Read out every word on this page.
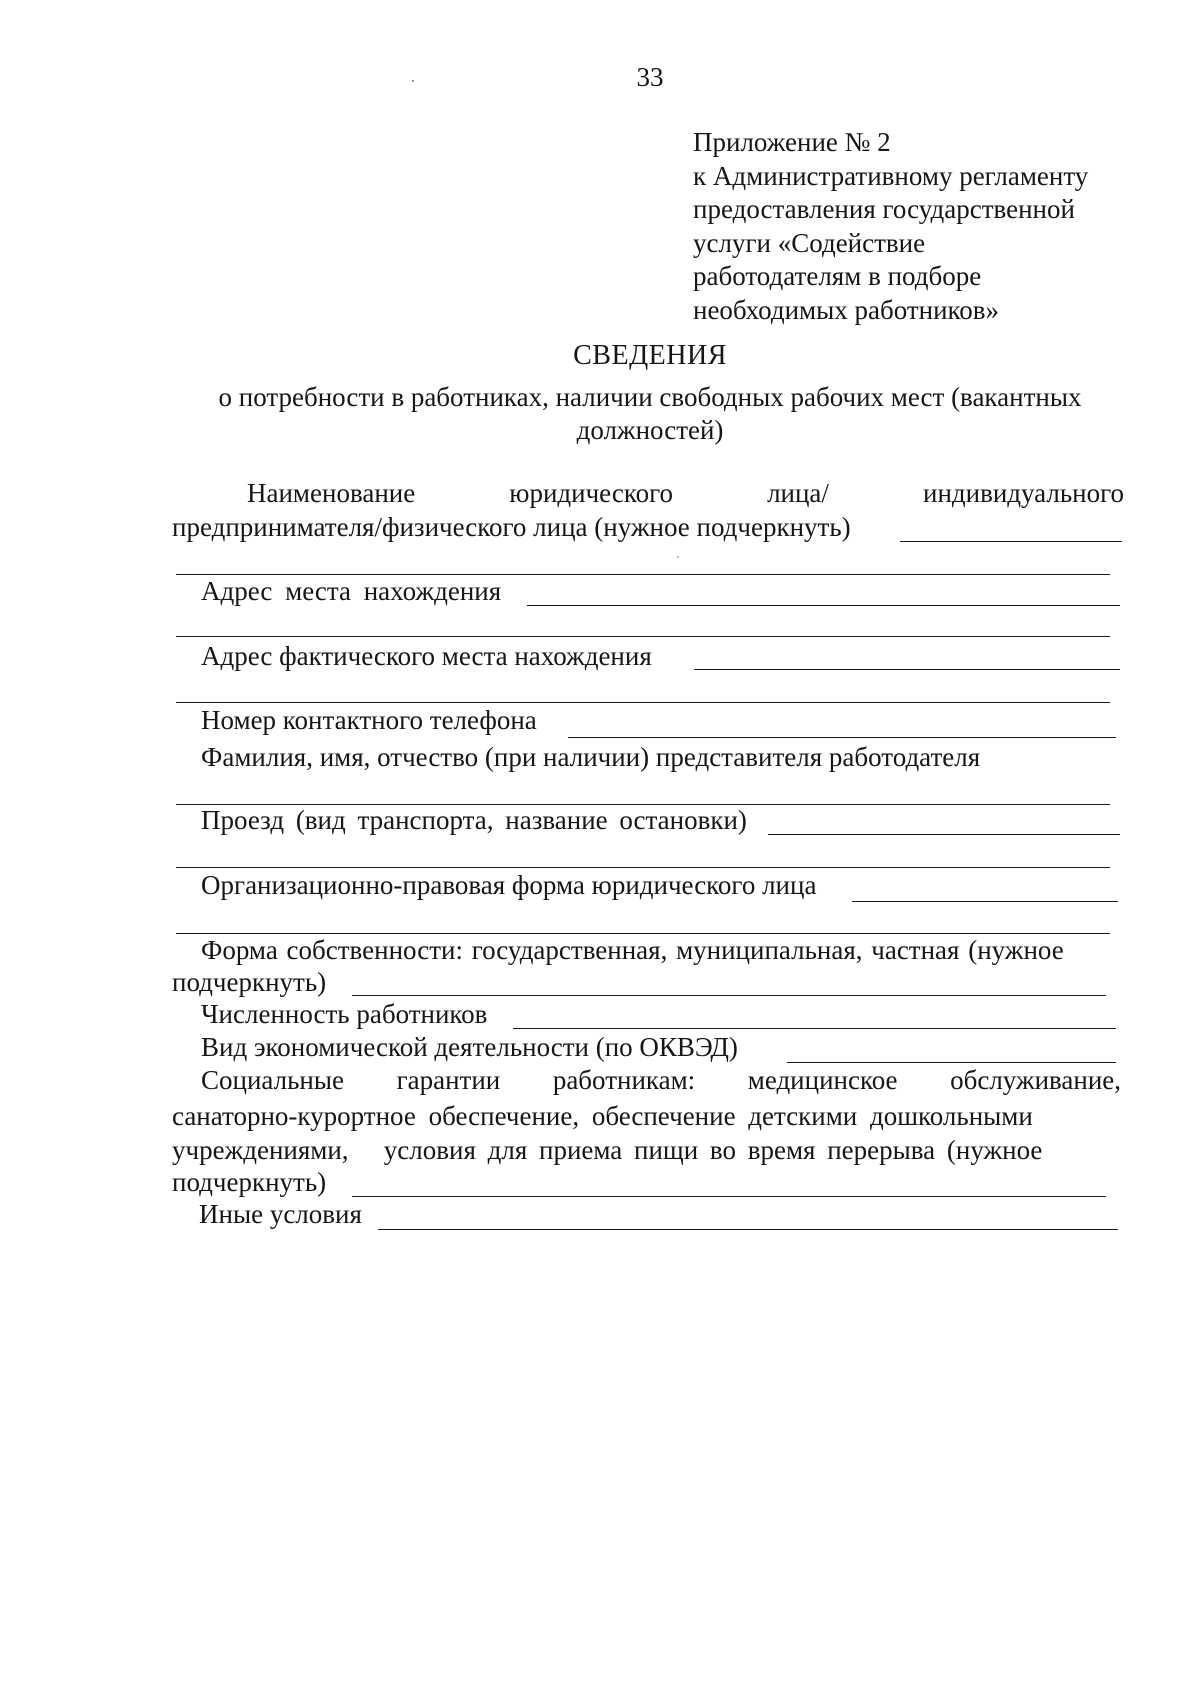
33
Приложение № 2
к Административному регламенту
предоставления государственной
услуги «Содействие
работодателям в подборе
необходимых работников»
СВЕДЕНИЯ
о потребности в работниках, наличии свободных рабочих мест (вакантных
должностей)
Наименование	юридического	лица/	индивидуального
предпринимателя/физического лица (нужное подчеркнуть)
Адрес места нахождения
Адрес фактического места нахождения
Номер контактного телефона
Фамилия, имя, отчество (при наличии) представителя работодателя
Проезд (вид транспорта, название остановки)
Организационно-правовая форма юридического лица
Форма собственности: государственная, муниципальная, частная (нужное
подчеркнуть)
Численность работников
Вид экономической деятельности (по ОКВЭД)
Социальные гарантии работникам: медицинское обслуживание,
санаторно-курортное обеспечение, обеспечение детскими дошкольными
учреждениями,   условия для приема пищи во время перерыва (нужное
подчеркнуть)
Иные условия
